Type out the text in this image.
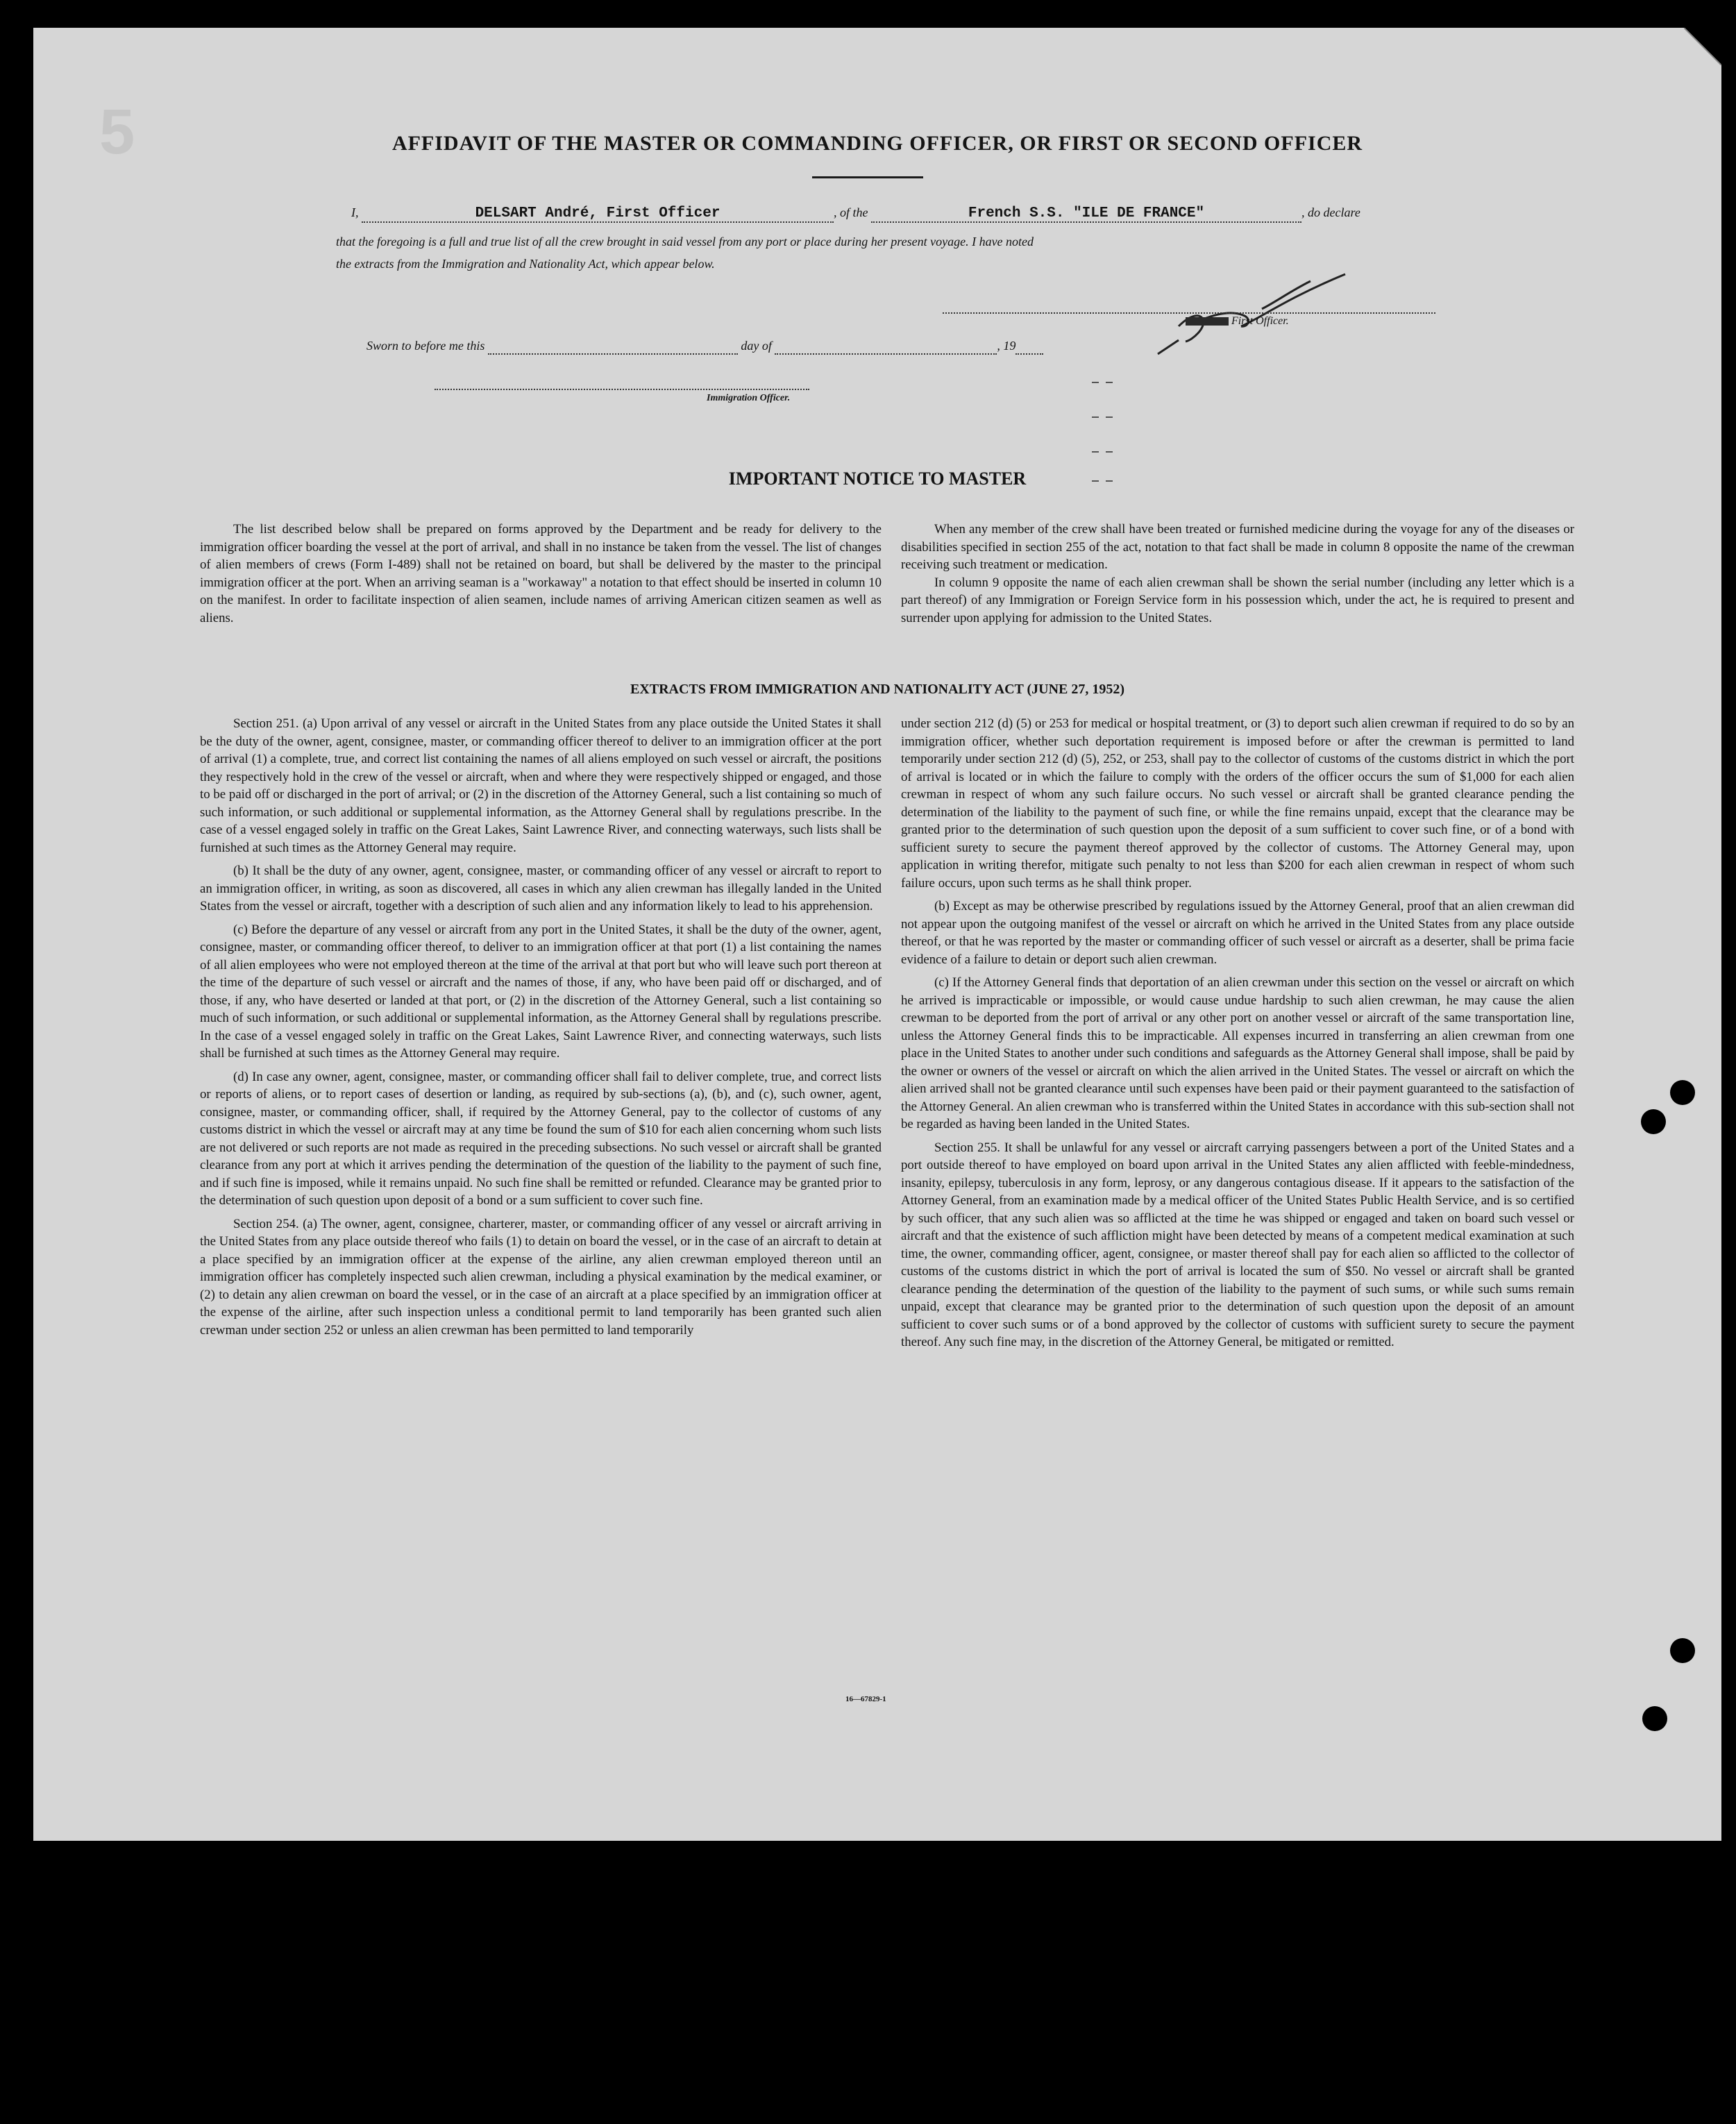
5	AFFIDAVIT OF THE MASTER OR COMMANDING OFFICER, OR FIRST OR SECOND OFFICER
I,	DELSART André, First Officer	, of the	French S.S. "ILE DE FRANCE"	, do declare
that the foregoing is a full and true list of all the crew brought in said vessel from any port or place during her present voyage. I have noted
the extracts from the Immigration and Nationality Act, which appear below.
First Officer.
Sworn to before me this	day of	, 19
Immigration Officer.
IMPORTANT NOTICE TO MASTER

The list described below shall be prepared on forms approved by the Department and be ready for delivery to the immigration officer boarding the vessel at the port of arrival, and shall in no instance be taken from the vessel. The list of changes of alien members of crews (Form I-489) shall not be retained on board, but shall be delivered by the master to the principal immigration officer at the port. When an arriving seaman is a "workaway" a notation to that effect should be inserted in column 10 on the manifest. In order to facilitate inspection of alien seamen, include names of arriving American citizen seamen as well as aliens.

When any member of the crew shall have been treated or furnished medicine during the voyage for any of the diseases or disabilities specified in section 255 of the act, notation to that fact shall be made in column 8 opposite the name of the crewman receiving such treatment or medication.

In column 9 opposite the name of each alien crewman shall be shown the serial number (including any letter which is a part thereof) of any Immigration or Foreign Service form in his possession which, under the act, he is required to present and surrender upon applying for admission to the United States.

EXTRACTS FROM IMMIGRATION AND NATIONALITY ACT (JUNE 27, 1952)

Section 251. (a) Upon arrival of any vessel or aircraft in the United States from any place outside the United States it shall be the duty of the owner, agent, consignee, master, or commanding officer thereof to deliver to an immigration officer at the port of arrival (1) a complete, true, and correct list containing the names of all aliens employed on such vessel or aircraft, the positions they respectively hold in the crew of the vessel or aircraft, when and where they were respectively shipped or engaged, and those to be paid off or discharged in the port of arrival; or (2) in the discretion of the Attorney General, such a list containing so much of such information, or such additional or supplemental information, as the Attorney General shall by regulations prescribe. In the case of a vessel engaged solely in traffic on the Great Lakes, Saint Lawrence River, and connecting waterways, such lists shall be furnished at such times as the Attorney General may require.

(b) It shall be the duty of any owner, agent, consignee, master, or commanding officer of any vessel or aircraft to report to an immigration officer, in writing, as soon as discovered, all cases in which any alien crewman has illegally landed in the United States from the vessel or aircraft, together with a description of such alien and any information likely to lead to his apprehension.

(c) Before the departure of any vessel or aircraft from any port in the United States, it shall be the duty of the owner, agent, consignee, master, or commanding officer thereof, to deliver to an immigration officer at that port (1) a list containing the names of all alien employees who were not employed thereon at the time of the arrival at that port but who will leave such port thereon at the time of the departure of such vessel or aircraft and the names of those, if any, who have been paid off or discharged, and of those, if any, who have deserted or landed at that port, or (2) in the discretion of the Attorney General, such a list containing so much of such information, or such additional or supplemental information, as the Attorney General shall by regulations prescribe. In the case of a vessel engaged solely in traffic on the Great Lakes, Saint Lawrence River, and connecting waterways, such lists shall be furnished at such times as the Attorney General may require.

(d) In case any owner, agent, consignee, master, or commanding officer shall fail to deliver complete, true, and correct lists or reports of aliens, or to report cases of desertion or landing, as required by sub-sections (a), (b), and (c), such owner, agent, consignee, master, or commanding officer, shall, if required by the Attorney General, pay to the collector of customs of any customs district in which the vessel or aircraft may at any time be found the sum of $10 for each alien concerning whom such lists are not delivered or such reports are not made as required in the preceding subsections. No such vessel or aircraft shall be granted clearance from any port at which it arrives pending the determination of the question of the liability to the payment of such fine, and if such fine is imposed, while it remains unpaid. No such fine shall be remitted or refunded. Clearance may be granted prior to the determination of such question upon deposit of a bond or a sum sufficient to cover such fine.

Section 254. (a) The owner, agent, consignee, charterer, master, or commanding officer of any vessel or aircraft arriving in the United States from any place outside thereof who fails (1) to detain on board the vessel, or in the case of an aircraft to detain at a place specified by an immigration officer at the expense of the airline, any alien crewman employed thereon until an immigration officer has completely inspected such alien crewman, including a physical examination by the medical examiner, or (2) to detain any alien crewman on board the vessel, or in the case of an aircraft at a place specified by an immigration officer at the expense of the airline, after such inspection unless a conditional permit to land temporarily has been granted such alien crewman under section 252 or unless an alien crewman has been permitted to land temporarily

under section 212 (d) (5) or 253 for medical or hospital treatment, or (3) to deport such alien crewman if required to do so by an immigration officer, whether such deportation requirement is imposed before or after the crewman is permitted to land temporarily under section 212 (d) (5), 252, or 253, shall pay to the collector of customs of the customs district in which the port of arrival is located or in which the failure to comply with the orders of the officer occurs the sum of $1,000 for each alien crewman in respect of whom any such failure occurs. No such vessel or aircraft shall be granted clearance pending the determination of the liability to the payment of such fine, or while the fine remains unpaid, except that the clearance may be granted prior to the determination of such question upon the deposit of a sum sufficient to cover such fine, or of a bond with sufficient surety to secure the payment thereof approved by the collector of customs. The Attorney General may, upon application in writing therefor, mitigate such penalty to not less than $200 for each alien crewman in respect of whom such failure occurs, upon such terms as he shall think proper.

(b) Except as may be otherwise prescribed by regulations issued by the Attorney General, proof that an alien crewman did not appear upon the outgoing manifest of the vessel or aircraft on which he arrived in the United States from any place outside thereof, or that he was reported by the master or commanding officer of such vessel or aircraft as a deserter, shall be prima facie evidence of a failure to detain or deport such alien crewman.

(c) If the Attorney General finds that deportation of an alien crewman under this section on the vessel or aircraft on which he arrived is impracticable or impossible, or would cause undue hardship to such alien crewman, he may cause the alien crewman to be deported from the port of arrival or any other port on another vessel or aircraft of the same transportation line, unless the Attorney General finds this to be impracticable. All expenses incurred in transferring an alien crewman from one place in the United States to another under such conditions and safeguards as the Attorney General shall impose, shall be paid by the owner or owners of the vessel or aircraft on which the alien arrived in the United States. The vessel or aircraft on which the alien arrived shall not be granted clearance until such expenses have been paid or their payment guaranteed to the satisfaction of the Attorney General. An alien crewman who is transferred within the United States in accordance with this sub-section shall not be regarded as having been landed in the United States.

Section 255. It shall be unlawful for any vessel or aircraft carrying passengers between a port of the United States and a port outside thereof to have employed on board upon arrival in the United States any alien afflicted with feeble-mindedness, insanity, epilepsy, tuberculosis in any form, leprosy, or any dangerous contagious disease. If it appears to the satisfaction of the Attorney General, from an examination made by a medical officer of the United States Public Health Service, and is so certified by such officer, that any such alien was so afflicted at the time he was shipped or engaged and taken on board such vessel or aircraft and that the existence of such affliction might have been detected by means of a competent medical examination at such time, the owner, commanding officer, agent, consignee, or master thereof shall pay for each alien so afflicted to the collector of customs of the customs district in which the port of arrival is located the sum of $50. No vessel or aircraft shall be granted clearance pending the determination of the question of the liability to the payment of such sums, or while such sums remain unpaid, except that clearance may be granted prior to the determination of such question upon the deposit of an amount sufficient to cover such sums or of a bond approved by the collector of customs with sufficient surety to secure the payment thereof. Any such fine may, in the discretion of the Attorney General, be mitigated or remitted.

16—67829-1
